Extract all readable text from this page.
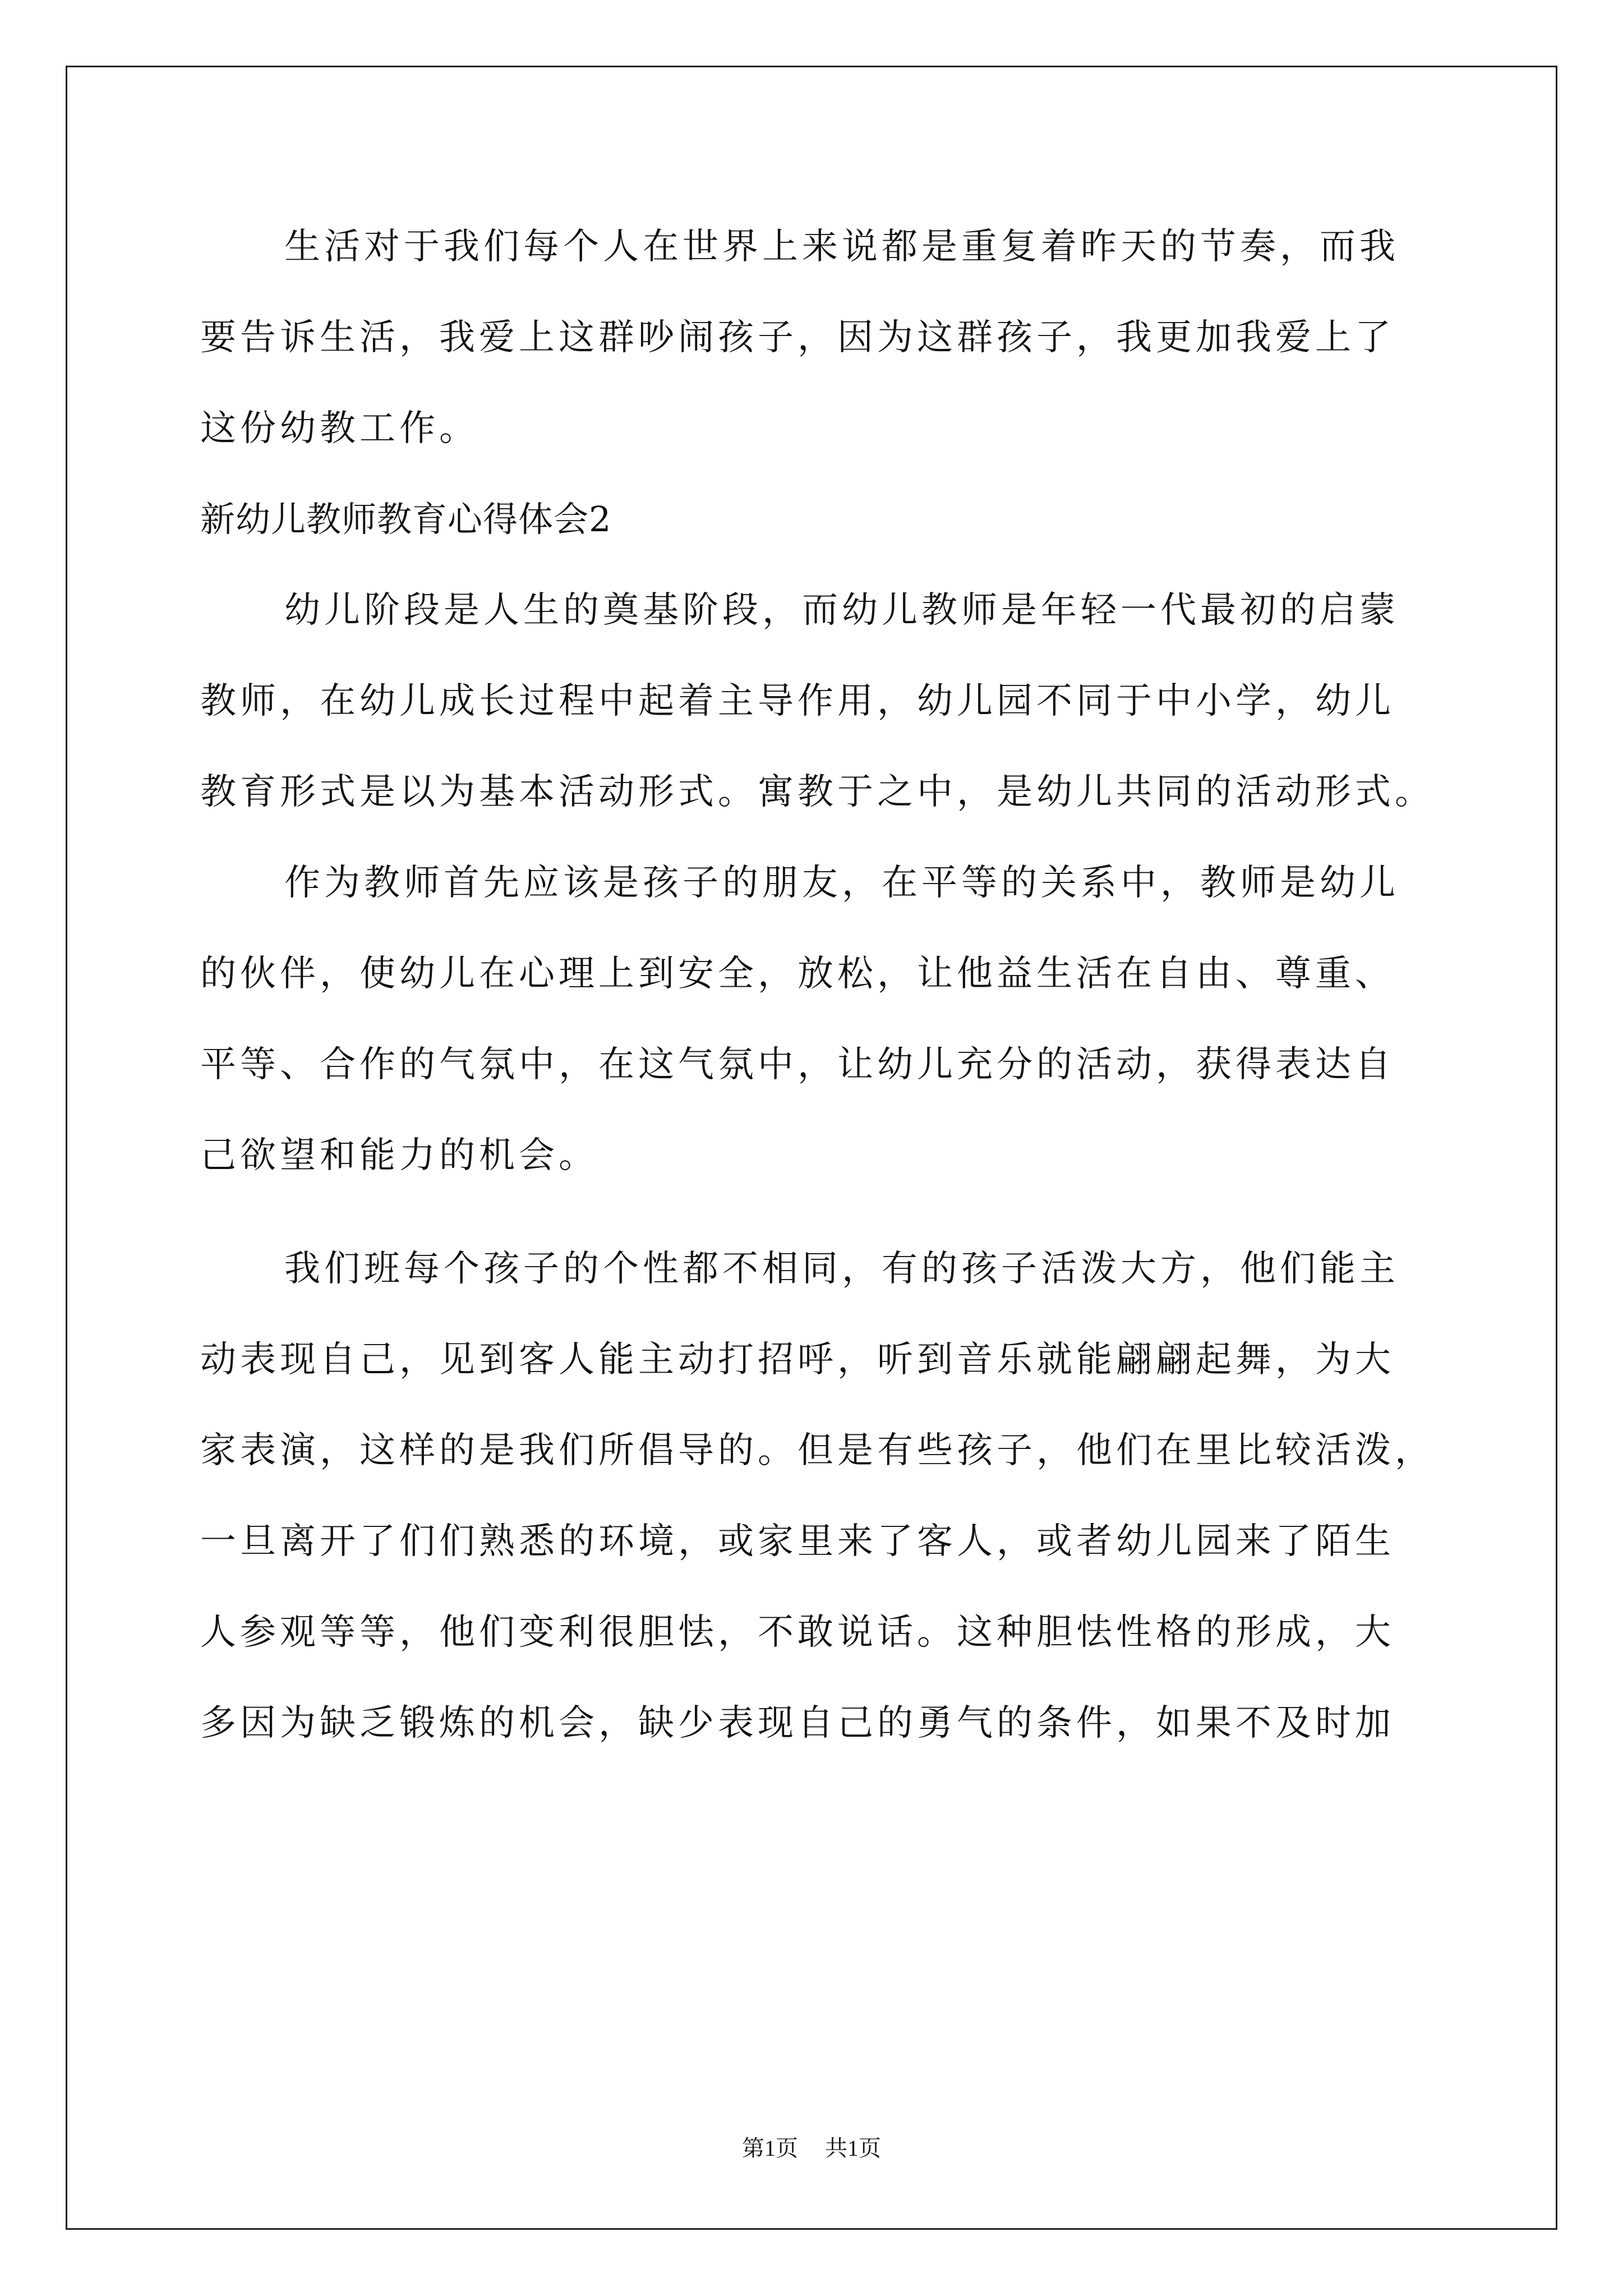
生活对于我们每个人在世界上来说都是重复着昨天的节奏，而我
要告诉生活，我爱上这群吵闹孩子，因为这群孩子，我更加我爱上了
这份幼教工作。
新幼儿教师教育心得体会2
幼儿阶段是人生的奠基阶段，而幼儿教师是年轻一代最初的启蒙
教师，在幼儿成长过程中起着主导作用，幼儿园不同于中小学，幼儿
教育形式是以为基本活动形式。寓教于之中，是幼儿共同的活动形式。
作为教师首先应该是孩子的朋友，在平等的关系中，教师是幼儿
的伙伴，使幼儿在心理上到安全，放松，让他益生活在自由、尊重、
平等、合作的气氛中，在这气氛中，让幼儿充分的活动，获得表达自
己欲望和能力的机会。
我们班每个孩子的个性都不相同，有的孩子活泼大方，他们能主
动表现自己，见到客人能主动打招呼，听到音乐就能翩翩起舞，为大
家表演，这样的是我们所倡导的。但是有些孩子，他们在里比较活泼，
一旦离开了们们熟悉的环境，或家里来了客人，或者幼儿园来了陌生
人参观等等，他们变利很胆怯，不敢说话。这种胆怯性格的形成，大
多因为缺乏锻炼的机会，缺少表现自己的勇气的条件，如果不及时加
第1页 共1页
